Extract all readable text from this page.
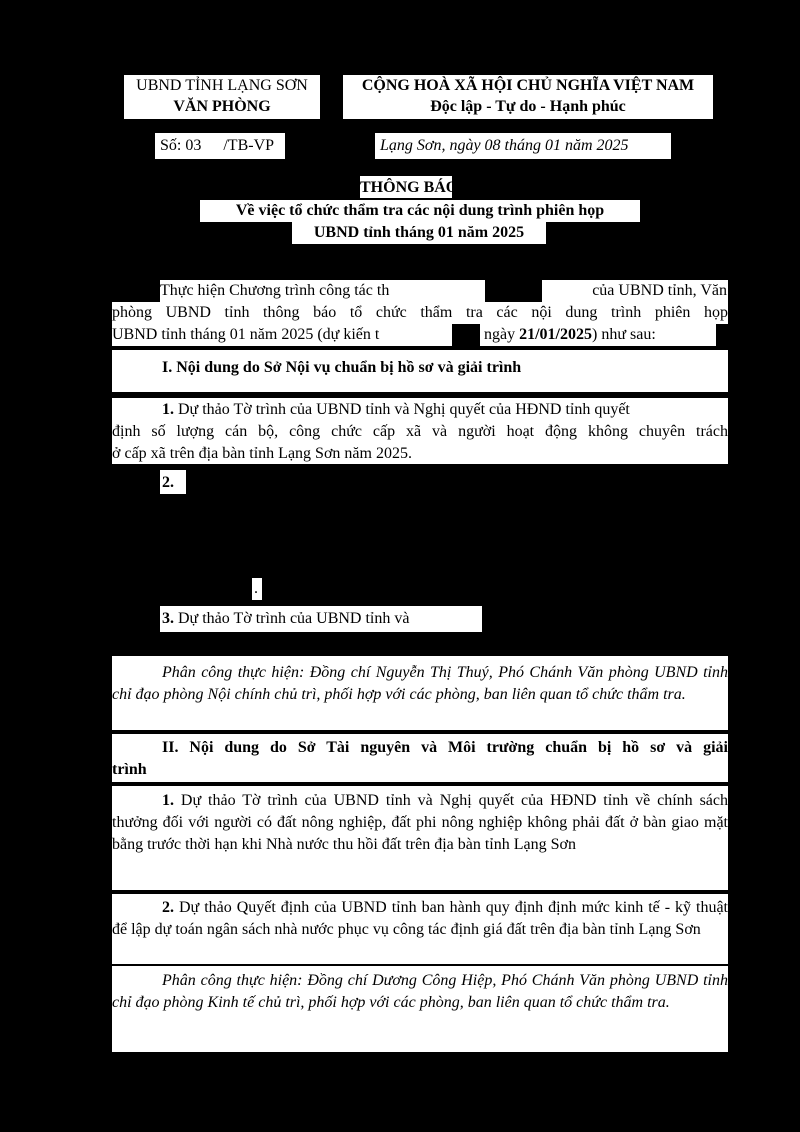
UBND TỈNH LẠNG SƠN
VĂN PHÒNG
CỘNG HOÀ XÃ HỘI CHỦ NGHĨA VIỆT NAM
Độc lập - Tự do - Hạnh phúc
Số: 03 /TB-VP	Lạng Sơn, ngày 08 tháng 01 năm 2025
THÔNG BÁO
Về việc tổ chức thẩm tra các nội dung trình phiên họp
UBND tỉnh tháng 01 năm 2025
Thực hiện Chương trình công tác th	của UBND tỉnh, Văn
phòng UBND tỉnh thông báo tổ chức thẩm tra các nội dung trình phiên họp
UBND tỉnh tháng 01 năm 2025 (dự kiến t	ngày 21/01/2025) như sau:
I. Nội dung do Sở Nội vụ chuẩn bị hồ sơ và giải trình
1. Dự thảo Tờ trình của UBND tỉnh và Nghị quyết của HĐND tỉnh quyết
định số lượng cán bộ, công chức cấp xã và người hoạt động không chuyên trách
ở cấp xã trên địa bàn tỉnh Lạng Sơn năm 2025.
2.
.
3. Dự thảo Tờ trình của UBND tỉnh và
Phân công thực hiện: Đồng chí Nguyễn Thị Thuý, Phó Chánh Văn phòng UBND tỉnh chỉ đạo phòng Nội chính chủ trì, phối hợp với các phòng, ban liên quan tổ chức thẩm tra.
II. Nội dung do Sở Tài nguyên và Môi trường chuẩn bị hồ sơ và giải
trình
1. Dự thảo Tờ trình của UBND tỉnh và Nghị quyết của HĐND tỉnh về chính sách thưởng đối với người có đất nông nghiệp, đất phi nông nghiệp không phải đất ở bàn giao mặt bằng trước thời hạn khi Nhà nước thu hồi đất trên địa bàn tỉnh Lạng Sơn
2. Dự thảo Quyết định của UBND tỉnh ban hành quy định định mức kinh tế - kỹ thuật để lập dự toán ngân sách nhà nước phục vụ công tác định giá đất trên địa bàn tỉnh Lạng Sơn
Phân công thực hiện: Đồng chí Dương Công Hiệp, Phó Chánh Văn phòng UBND tỉnh chỉ đạo phòng Kinh tế chủ trì, phối hợp với các phòng, ban liên quan tổ chức thẩm tra.
